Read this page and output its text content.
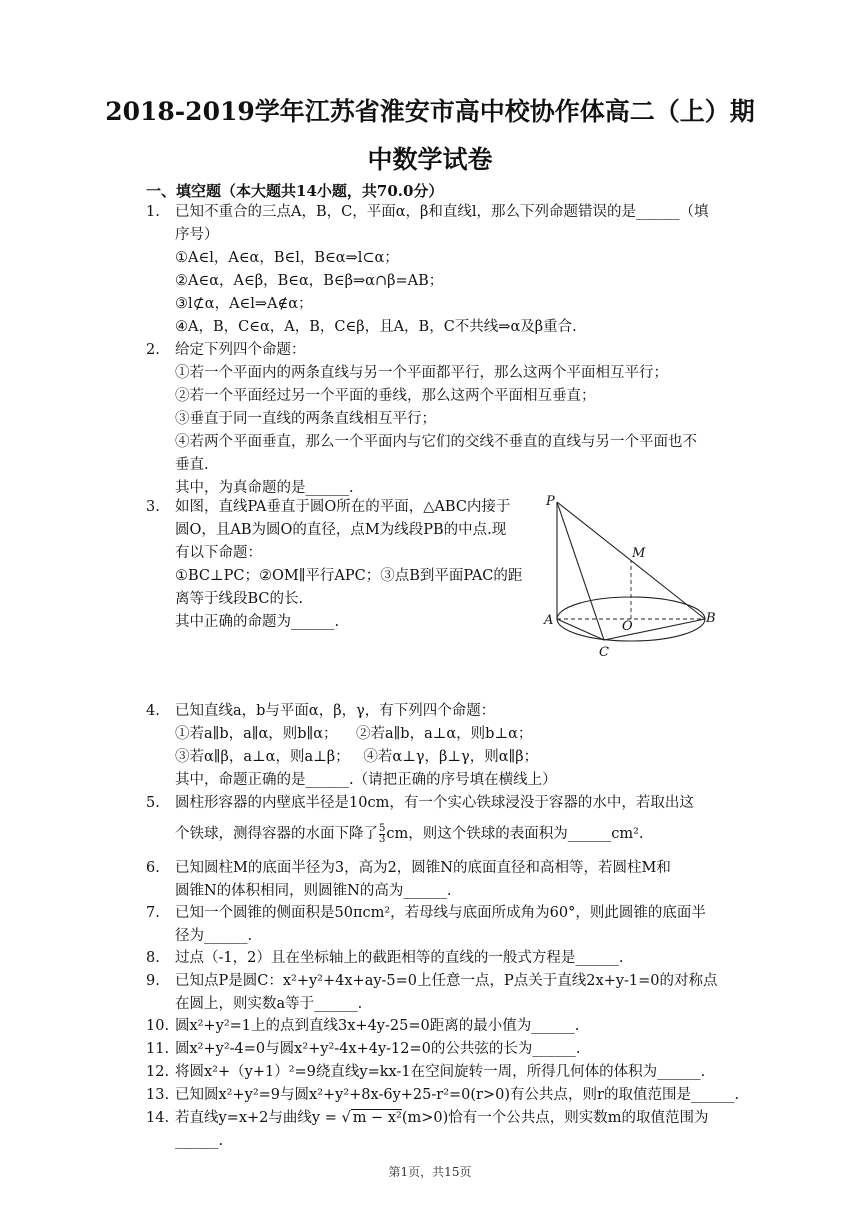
2018-2019学年江苏省淮安市高中校协作体高二（上）期
中数学试卷
一、填空题（本大题共14小题，共70.0分）
1.	已知不重合的三点A，B，C，平面α，β和直线l，那么下列命题错误的是______（填
序号）
①A∈l，A∈α，B∈l，B∈α⇒l⊂α；
②A∈α，A∈β，B∈α，B∈β⇒α∩β=AB；
③l⊄α，A∈l⇒A∉α；
④A，B，C∈α，A，B，C∈β，且A，B，C不共线⇒α及β重合.
2.	给定下列四个命题：
①若一个平面内的两条直线与另一个平面都平行，那么这两个平面相互平行；
②若一个平面经过另一个平面的垂线，那么这两个平面相互垂直；
③垂直于同一直线的两条直线相互平行；
④若两个平面垂直，那么一个平面内与它们的交线不垂直的直线与另一个平面也不
垂直.
其中，为真命题的是______.
3.	如图，直线PA垂直于圆O所在的平面，△ABC内接于
圆O，且AB为圆O的直径，点M为线段PB的中点.现
有以下命题：
①BC⊥PC；②OM∥平行APC；③点B到平面PAC的距
离等于线段BC的长.
其中正确的命题为______.
P
M
A	O
B
C
4.	已知直线a，b与平面α，β，γ，有下列四个命题：
①若a∥b，a∥α，则b∥α；    ②若a∥b，a⊥α，则b⊥α；
③若α∥β，a⊥α，则a⊥β；   ④若α⊥γ，β⊥γ，则α∥β；
其中，命题正确的是______.（请把正确的序号填在横线上）
5.	圆柱形容器的内壁底半径是10cm，有一个实心铁球浸没于容器的水中，若取出这
个铁球，测得容器的水面下降了 $\frac{5}{3}$ cm，则这个铁球的表面积为______cm².
6.	已知圆柱M的底面半径为3，高为2，圆锥N的底面直径和高相等，若圆柱M和
圆锥N的体积相同，则圆锥N的高为______.
7.	已知一个圆锥的侧面积是50πcm²，若母线与底面所成角为60°，则此圆锥的底面半
径为______.
8.	过点（-1，2）且在坐标轴上的截距相等的直线的一般式方程是______.
9.	已知点P是圆C：x²+y²+4x+ay-5=0上任意一点，P点关于直线2x+y-1=0的对称点
在圆上，则实数a等于______.
10. 圆x²+y²=1上的点到直线3x+4y-25=0距离的最小值为______.
11. 圆x²+y²-4=0与圆x²+y²-4x+4y-12=0的公共弦的长为______.
12. 将圆x²+（y+1）²=9绕直线y=kx-1在空间旋转一周，所得几何体的体积为______.
13. 已知圆x²+y²=9与圆x²+y²+8x-6y+25-r²=0(r>0)有公共点，则r的取值范围是______.
14. 若直线y=x+2与曲线y = √ m − x²(m>0)恰有一个公共点，则实数m的取值范围为
______.
第1页，共15页
